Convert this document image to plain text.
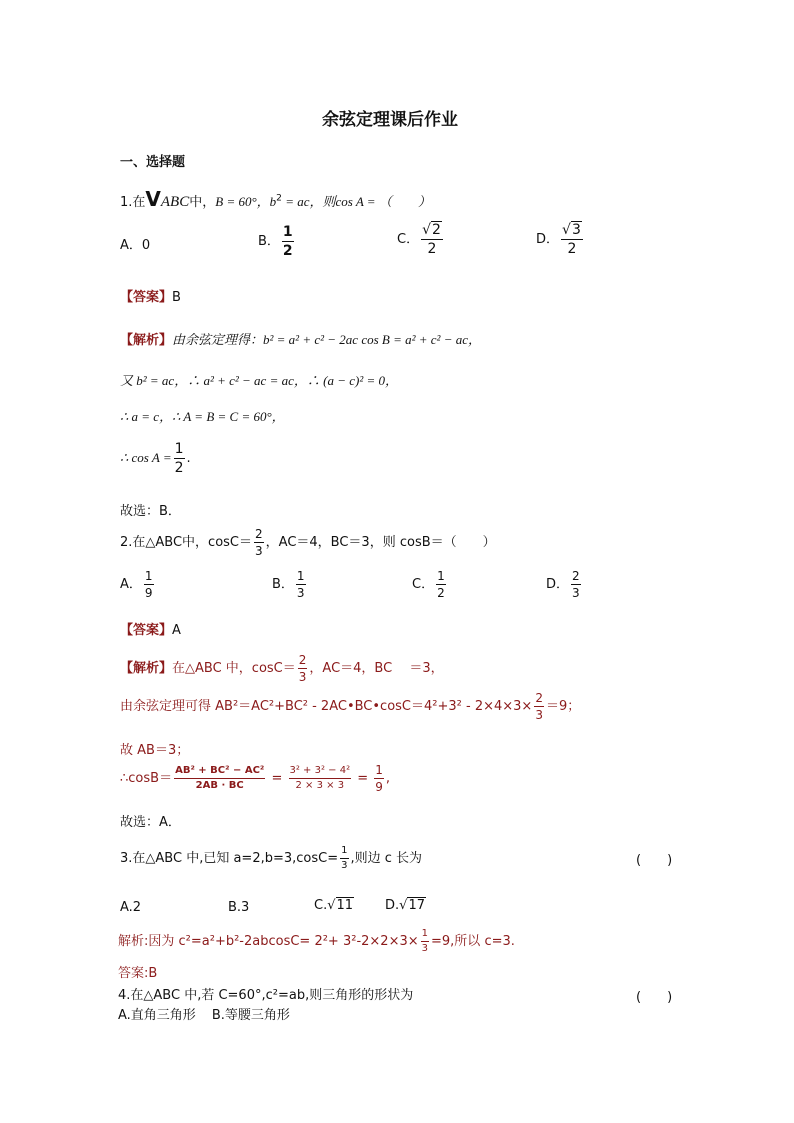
余弦定理课后作业
一、选择题
1.在VABC中，B = 60°，$b^2$ = ac，则cos A = （　　）
A．0	B． $\frac{1}{2}$	C． $\frac{√2}{2}$	D． $\frac{√3}{2}$
【答案】B
【解析】由余弦定理得：b² = a² + c² − 2ac cos B = a² + c² − ac，
又 b² = ac，∴ a² + c² − ac = ac，∴ (a − c)² = 0，
∴ a = c，∴ A = B = C = 60°，
∴ $\cos A = \frac{1}{2}$ .
故选：B．
2.在△ABC中，$\cos C= \frac{2}{3}$ ，AC＝4，BC＝3，则 cosB＝（　　）
A． $\frac{1}{9}$	B． $\frac{1}{3}$	C． $\frac{1}{2}$	D． $\frac{2}{3}$
【答案】A
【解析】在△ABC 中，$\cos C= \frac{2}{3}$ ，AC＝4，BC　 ＝3，
由余弦定理可得 AB²＝AC²+BC² - 2AC•BC•cosC＝4²+3² - $2\times 4\times 3\times \frac{2}{3} =9$；
故 AB＝3；
∴cosB＝ $\frac{\text{AB² + BC² − AC²}}{2AB \cdot BC} = \frac{\text{3² + 3² − 4²}}{2 \times 3 \times 3} = \frac{1}{9}$ ,
故选：A．
3.在△ABC 中,已知 $a=2,b=3,\cos C= \frac{1}{3}$ ,则边 c 长为	(　　)
A.2	B.3	C.√11 D.√17
解析:因为 $c^2=a^2+b^2-2abcosC= 2^2+ 3^2-2\times 2\times 3\times \frac{1}{3} =9$,所以 c=3.
答案:B
4.在△ABC 中,若 C=60°,c²=ab,则三角形的形状为	(　　)
A.直角三角形 B.等腰三角形
